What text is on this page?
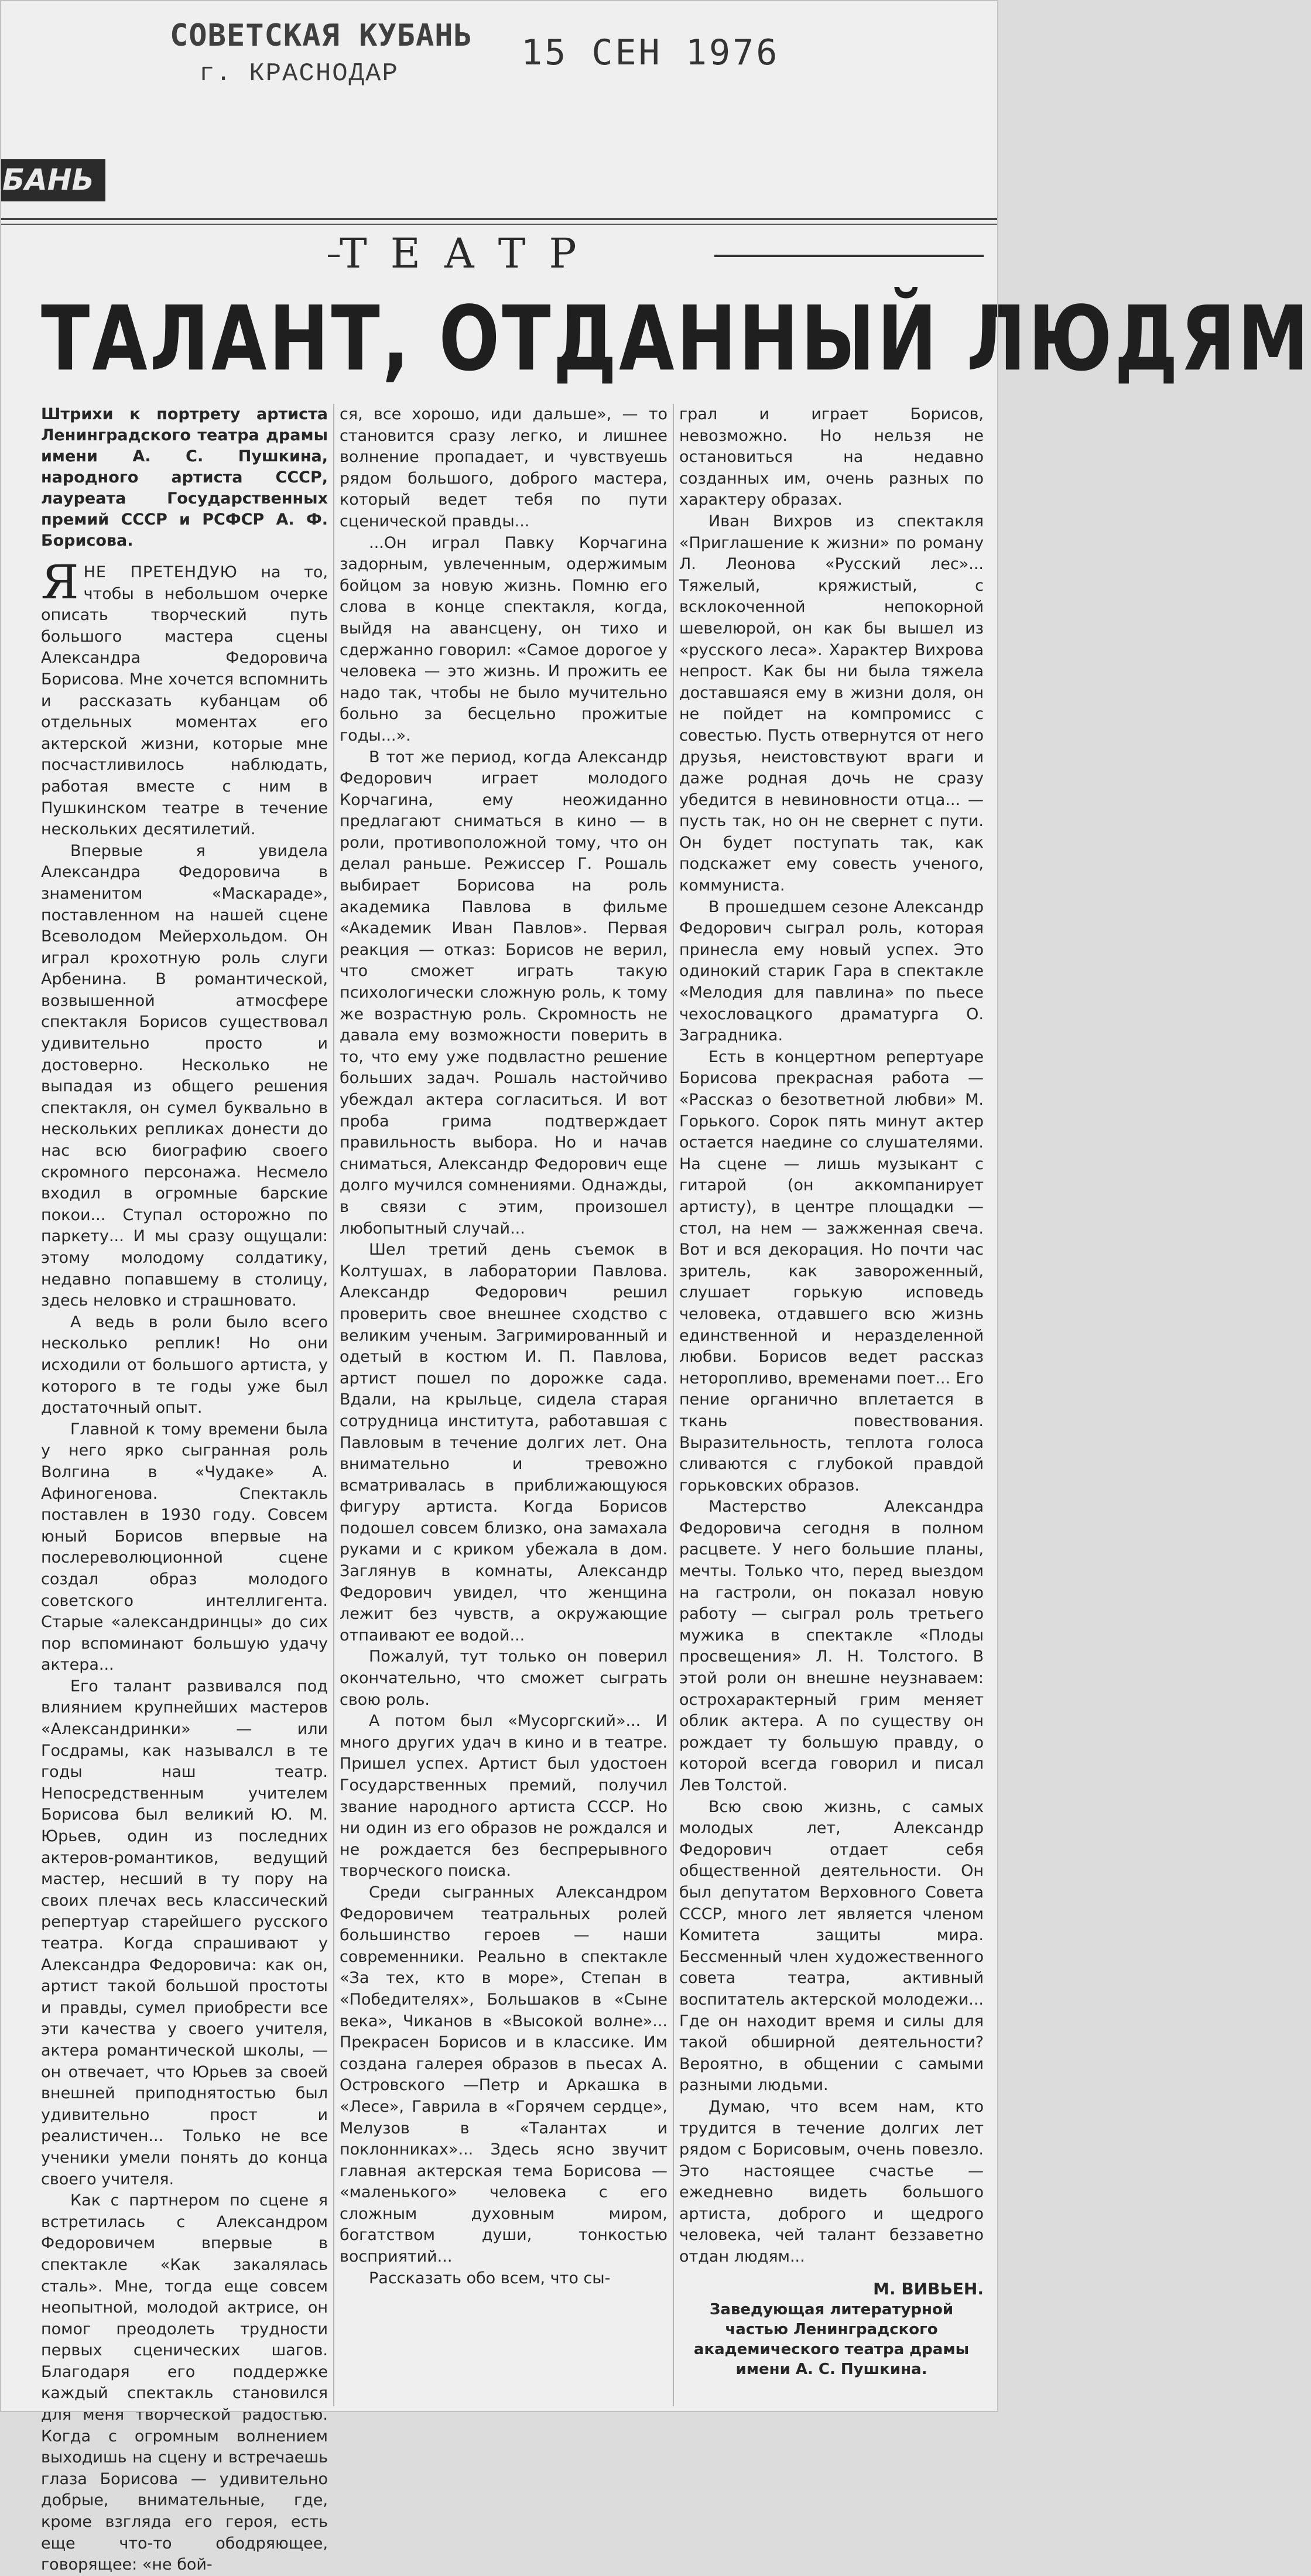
СОВЕТСКАЯ КУБАНЬ
г. КРАСНОДАР
15 СЕН 1976
БАНЬ
ТЕАТР
ТАЛАНТ, ОТДАННЫЙ ЛЮДЯМ

Штрихи к портрету артиста Ленинградского театра драмы имени А. С. Пушкина, народного артиста СССР, лауреата Государственных премий СССР и РСФСР А. Ф. Борисова.

ЯНЕ ПРЕТЕНДУЮ на то, чтобы в небольшом очерке описать творческий путь большого мастера сцены Александра Федоровича Борисова. Мне хочется вспомнить и рассказать кубанцам об отдельных моментах его актерской жизни, которые мне посчастливилось наблюдать, работая вместе с ним в Пушкинском театре в течение нескольких десятилетий.

Впервые я увидела Александра Федоровича в знаменитом «Маскараде», поставленном на нашей сцене Всеволодом Мейерхольдом. Он играл крохотную роль слуги Арбенина. В романтической, возвышенной атмосфере спектакля Борисов существовал удивительно просто и достоверно. Несколько не выпадая из общего решения спектакля, он сумел буквально в нескольких репликах донести до нас всю биографию своего скромного персонажа. Несмело входил в огромные барские покои... Ступал осторожно по паркету... И мы сразу ощущали: этому молодому солдатику, недавно попавшему в столицу, здесь неловко и страшновато.

А ведь в роли было всего несколько реплик! Но они исходили от большого артиста, у которого в те годы уже был достаточный опыт.

Главной к тому времени была у него ярко сыгранная роль Волгина в «Чудаке» А. Афиногенова. Спектакль поставлен в 1930 году. Совсем юный Борисов впервые на послереволюционной сцене создал образ молодого советского интеллигента. Старые «александринцы» до сих пор вспоминают большую удачу актера...

Его талант развивался под влиянием крупнейших мастеров «Александринки» — или Госдрамы, как называлсл в те годы наш театр. Непосредственным учителем Борисова был великий Ю. М. Юрьев, один из последних актеров-романтиков, ведущий мастер, несший в ту пору на своих плечах весь классический репертуар старейшего русского театра. Когда спрашивают у Александра Федоровича: как он, артист такой большой простоты и правды, сумел приобрести все эти качества у своего учителя, актера романтической школы, — он отвечает, что Юрьев за своей внешней приподнятостью был удивительно прост и реалистичен... Только не все ученики умели понять до конца своего учителя.

Как с партнером по сцене я встретилась с Александром Федоровичем впервые в спектакле «Как закалялась сталь». Мне, тогда еще совсем неопытной, молодой актрисе, он помог преодолеть трудности первых сценических шагов. Благодаря его поддержке каждый спектакль становился для меня творческой радостью. Когда с огромным волнением выходишь на сцену и встречаешь глаза Борисова — удивительно добрые, внимательные, где, кроме взгляда его героя, есть еще что-то ободряющее, говорящее: «не бой-

ся, все хорошо, иди дальше», — то становится сразу легко, и лишнее волнение пропадает, и чувствуешь рядом большого, доброго мастера, который ведет тебя по пути сценической правды...

...Он играл Павку Корчагина задорным, увлеченным, одержимым бойцом за новую жизнь. Помню его слова в конце спектакля, когда, выйдя на авансцену, он тихо и сдержанно говорил: «Самое дорогое у человека — это жизнь. И прожить ее надо так, чтобы не было мучительно больно за бесцельно прожитые годы...».

В тот же период, когда Александр Федорович играет молодого Корчагина, ему неожиданно предлагают сниматься в кино — в роли, противоположной тому, что он делал раньше. Режиссер Г. Рошаль выбирает Борисова на роль академика Павлова в фильме «Академик Иван Павлов». Первая реакция — отказ: Борисов не верил, что сможет играть такую психологически сложную роль, к тому же возрастную роль. Скромность не давала ему возможности поверить в то, что ему уже подвластно решение больших задач. Рошаль настойчиво убеждал актера согласиться. И вот проба грима подтверждает правильность выбора. Но и начав сниматься, Александр Федорович еще долго мучился сомнениями. Однажды, в связи с этим, произошел любопытный случай...

Шел третий день съемок в Колтушах, в лаборатории Павлова. Александр Федорович решил проверить свое внешнее сходство с великим ученым. Загримированный и одетый в костюм И. П. Павлова, артист пошел по дорожке сада. Вдали, на крыльце, сидела старая сотрудница института, работавшая с Павловым в течение долгих лет. Она внимательно и тревожно всматривалась в приближающуюся фигуру артиста. Когда Борисов подошел совсем близко, она замахала руками и с криком убежала в дом. Заглянув в комнаты, Александр Федорович увидел, что женщина лежит без чувств, а окружающие отпаивают ее водой...

Пожалуй, тут только он поверил окончательно, что сможет сыграть свою роль.

А потом был «Мусоргский»... И много других удач в кино и в театре. Пришел успех. Артист был удостоен Государственных премий, получил звание народного артиста СССР. Но ни один из его образов не рождался и не рождается без беспрерывного творческого поиска.

Среди сыгранных Александром Федоровичем театральных ролей большинство героев — наши современники. Реально в спектакле «За тех, кто в море», Степан в «Победителях», Большаков в «Сыне века», Чиканов в «Высокой волне»... Прекрасен Борисов и в классике. Им создана галерея образов в пьесах А. Островского —Петр и Аркашка в «Лесе», Гаврила в «Горячем сердце», Мелузов в «Талантах и поклонниках»... Здесь ясно звучит главная актерская тема Борисова — «маленького» человека с его сложным духовным миром, богатством души, тонкостью восприятий...

Рассказать обо всем, что сы-

грал и играет Борисов, невозможно. Но нельзя не остановиться на недавно созданных им, очень разных по характеру образах.

Иван Вихров из спектакля «Приглашение к жизни» по роману Л. Леонова «Русский лес»... Тяжелый, кряжистый, с всклокоченной непокорной шевелюрой, он как бы вышел из «русского леса». Характер Вихрова непрост. Как бы ни была тяжела доставшаяся ему в жизни доля, он не пойдет на компромисс с совестью. Пусть отвернутся от него друзья, неистовствуют враги и даже родная дочь не сразу убедится в невиновности отца... — пусть так, но он не свернет с пути. Он будет поступать так, как подскажет ему совесть ученого, коммуниста.

В прошедшем сезоне Александр Федорович сыграл роль, которая принесла ему новый успех. Это одинокий старик Гара в спектакле «Мелодия для павлина» по пьесе чехословацкого драматурга О. Заградника.

Есть в концертном репертуаре Борисова прекрасная работа — «Рассказ о безответной любви» М. Горького. Сорок пять минут актер остается наедине со слушателями. На сцене — лишь музыкант с гитарой (он аккомпанирует артисту), в центре площадки — стол, на нем — зажженная свеча. Вот и вся декорация. Но почти час зритель, как завороженный, слушает горькую исповедь человека, отдавшего всю жизнь единственной и неразделенной любви. Борисов ведет рассказ неторопливо, временами поет... Его пение органично вплетается в ткань повествования. Выразительность, теплота голоса сливаются с глубокой правдой горьковских образов.

Мастерство Александра Федоровича сегодня в полном расцвете. У него большие планы, мечты. Только что, перед выездом на гастроли, он показал новую работу — сыграл роль третьего мужика в спектакле «Плоды просвещения» Л. Н. Толстого. В этой роли он внешне неузнаваем: острохарактерный грим меняет облик актера. А по существу он рождает ту большую правду, о которой всегда говорил и писал Лев Толстой.

Всю свою жизнь, с самых молодых лет, Александр Федорович отдает себя общественной деятельности. Он был депутатом Верховного Совета СССР, много лет является членом Комитета защиты мира. Бессменный член художественного совета театра, активный воспитатель актерской молодежи... Где он находит время и силы для такой обширной деятельности? Вероятно, в общении с самыми разными людьми.

Думаю, что всем нам, кто трудится в течение долгих лет рядом с Борисовым, очень повезло. Это настоящее счастье — ежедневно видеть большого артиста, доброго и щедрого человека, чей талант беззаветно отдан людям...

М. ВИВЬЕН.
Заведующая литературной частью Ленинградского академического театра драмы имени А. С. Пушкина.
